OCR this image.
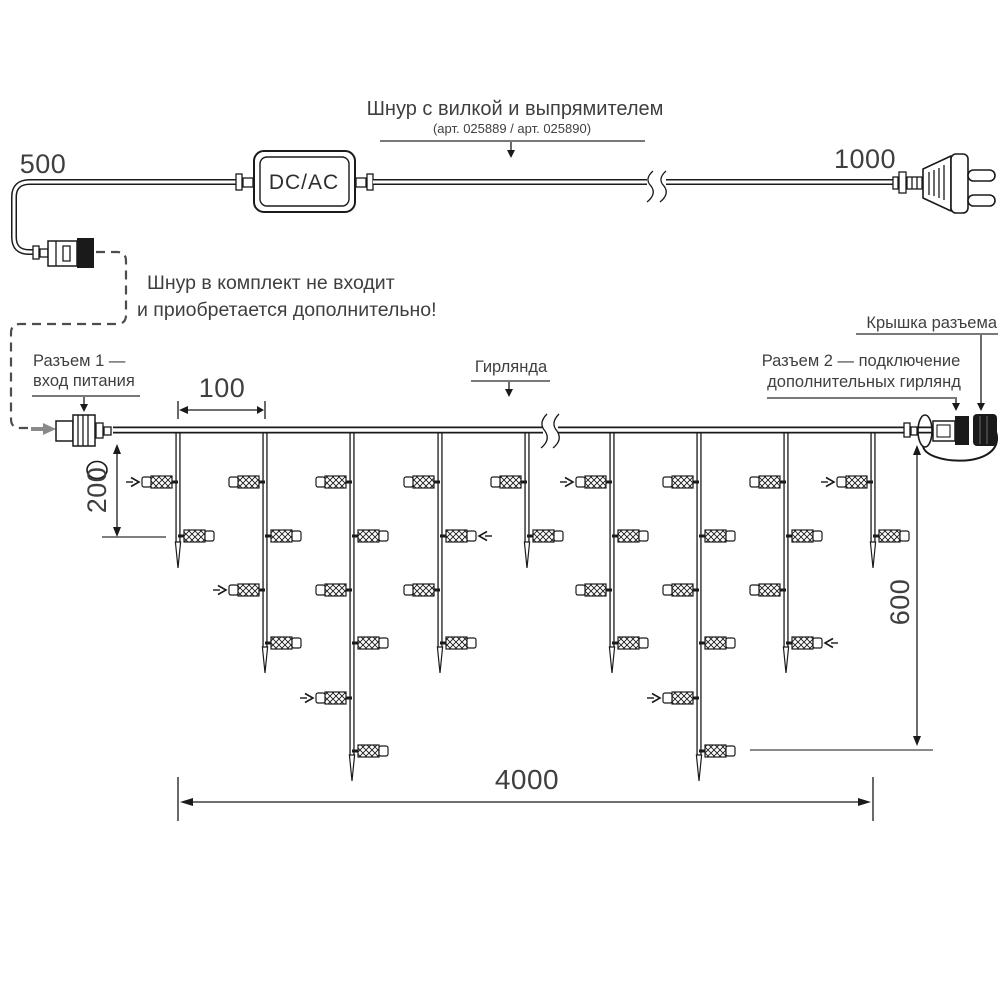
Шнур с вилкой и выпрямителем
(арт. 025889 / арт. 025890)
500	1000
DC/AC
Шнур в комплект не входит
и приобретается дополнительно!
Разъем 1 —
вход питания
Гирлянда
Крышка разъема
Разъем 2 — подключение
дополнительных гирлянд
100
200
600
4000
